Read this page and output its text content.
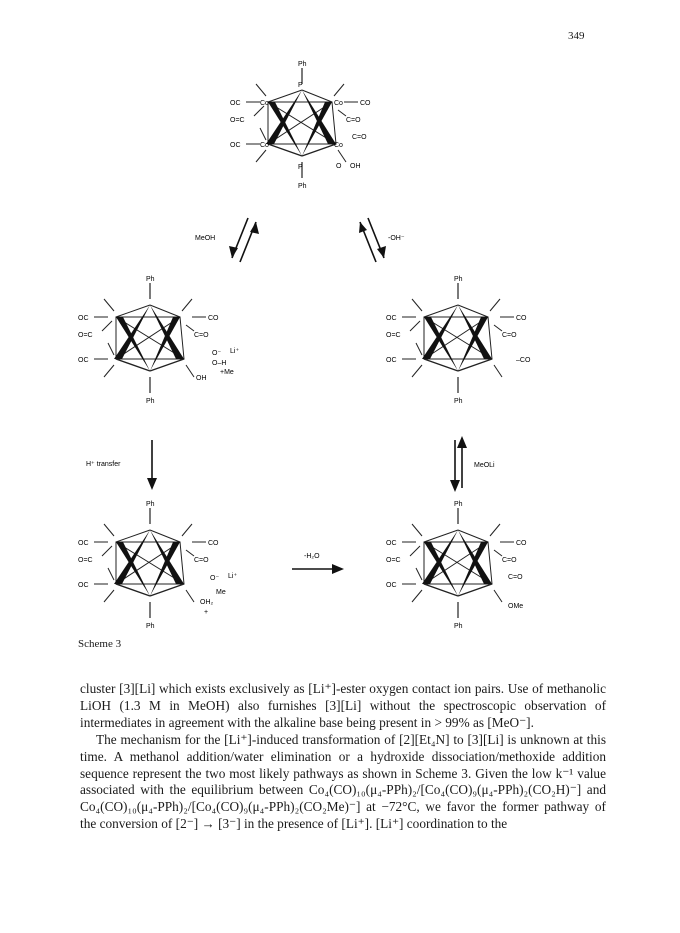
349
Ph
P
P
Ph
OC	Co	Co CO
O=C	C=O
OC	Co	Co
C=O
O OH
Ph
Ph
OC
O=C
OC
CO
C=O
O⁻ Li⁺
O–H
+Me
OH
Ph
Ph
OC
O=C
OC
CO
C=O
–CO
Ph
Ph
OC
O=C
OC
CO
C=O
O⁻ Li⁺
Me
OH₂
+
Ph
Ph
OC
O=C
OC
CO
C=O
C=O
OMe
MeOH	-OH⁻
H⁺ transfer	MeOLi
-H₂O
Scheme 3

cluster [3][Li] which exists exclusively as [Li⁺]-ester oxygen contact ion pairs. Use of methanolic LiOH (1.3 M in MeOH) also furnishes [3][Li] without the spectroscopic observation of intermediates in agreement with the alkaline base being present in > 99% as [MeO⁻].

The mechanism for the [Li⁺]-induced transformation of [2][Et₄N] to [3][Li] is unknown at this time. A methanol addition/water elimination or a hydroxide dissociation/methoxide addition sequence represent the two most likely pathways as shown in Scheme 3. Given the low k⁻¹ value associated with the equilibrium between Co₄(CO)₁₀(μ₄-PPh)₂/[Co₄(CO)₉(μ₄-PPh)₂(CO₂H)⁻] and Co₄(CO)₁₀(μ₄-PPh)₂/[Co₄(CO)₉(μ₄-PPh)₂(CO₂Me)⁻] at −72°C, we favor the former pathway of the conversion of [2⁻] → [3⁻] in the presence of [Li⁺]. [Li⁺] coordination to the
